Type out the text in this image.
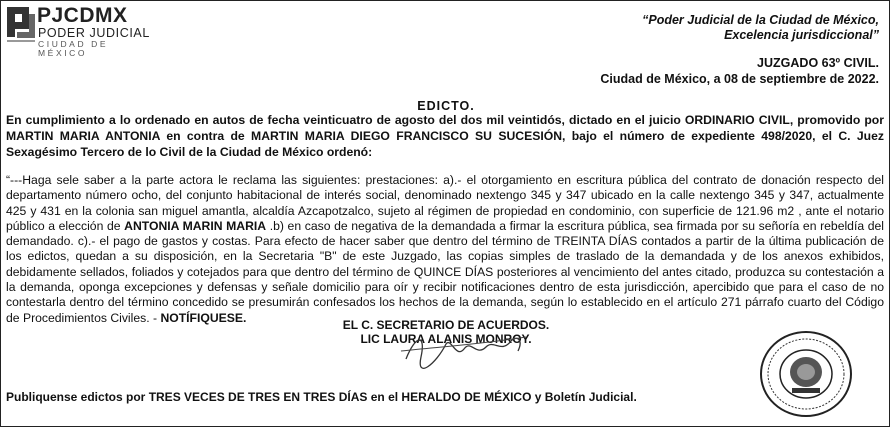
PJCDMX
PODER JUDICIAL
CIUDAD DE MÉXICO
“Poder Judicial de la Ciudad de México,
Excelencia jurisdiccional”
JUZGADO 63º CIVIL.
Ciudad de México, a 08 de septiembre de 2022.
EDICTO.
En cumplimiento a lo ordenado en autos de fecha veinticuatro de agosto del dos mil veintidós, dictado en el juicio ORDINARIO CIVIL, promovido por MARTIN MARIA ANTONIA en contra de MARTIN MARIA DIEGO FRANCISCO SU SUCESIÓN, bajo el número de expediente 498/2020, el C. Juez Sexagésimo Tercero de lo Civil de la Ciudad de México ordenó:
“---Haga sele saber a la parte actora le reclama las siguientes: prestaciones: a).- el otorgamiento en escritura pública del contrato de donación respecto del departamento número ocho, del conjunto habitacional de interés social, denominado nextengo 345 y 347 ubicado en la calle nextengo 345 y 347, actualmente 425 y 431 en la colonia san miguel amantla, alcaldía Azcapotzalco, sujeto al régimen de propiedad en condominio, con superficie de 121.96 m2 , ante el notario público a elección de ANTONIA MARIN MARIA .b) en caso de negativa de la demandada a firmar la escritura pública, sea firmada por su señoría en rebeldía del demandado. c).- el pago de gastos y costas. Para efecto de hacer saber que dentro del término de TREINTA DÍAS contados a partir de la última publicación de los edictos, quedan a su disposición, en la Secretaria "B" de este Juzgado, las copias simples de traslado de la demandada y de los anexos exhibidos, debidamente sellados, foliados y cotejados para que dentro del término de QUINCE DÍAS posteriores al vencimiento del antes citado, produzca su contestación a la demanda, oponga excepciones y defensas y señale domicilio para oír y recibir notificaciones dentro de esta jurisdicción, apercibido que para el caso de no contestarla dentro del término concedido se presumirán confesados los hechos de la demanda, según lo establecido en el artículo 271 párrafo cuarto del Código de Procedimientos Civiles. - NOTÍFIQUESE.
EL C. SECRETARIO DE ACUERDOS.
LIC LAURA ALANIS MONROY.
Publiquense edictos por TRES VECES DE TRES EN TRES DÍAS en el HERALDO DE MÉXICO y Boletín Judicial.
